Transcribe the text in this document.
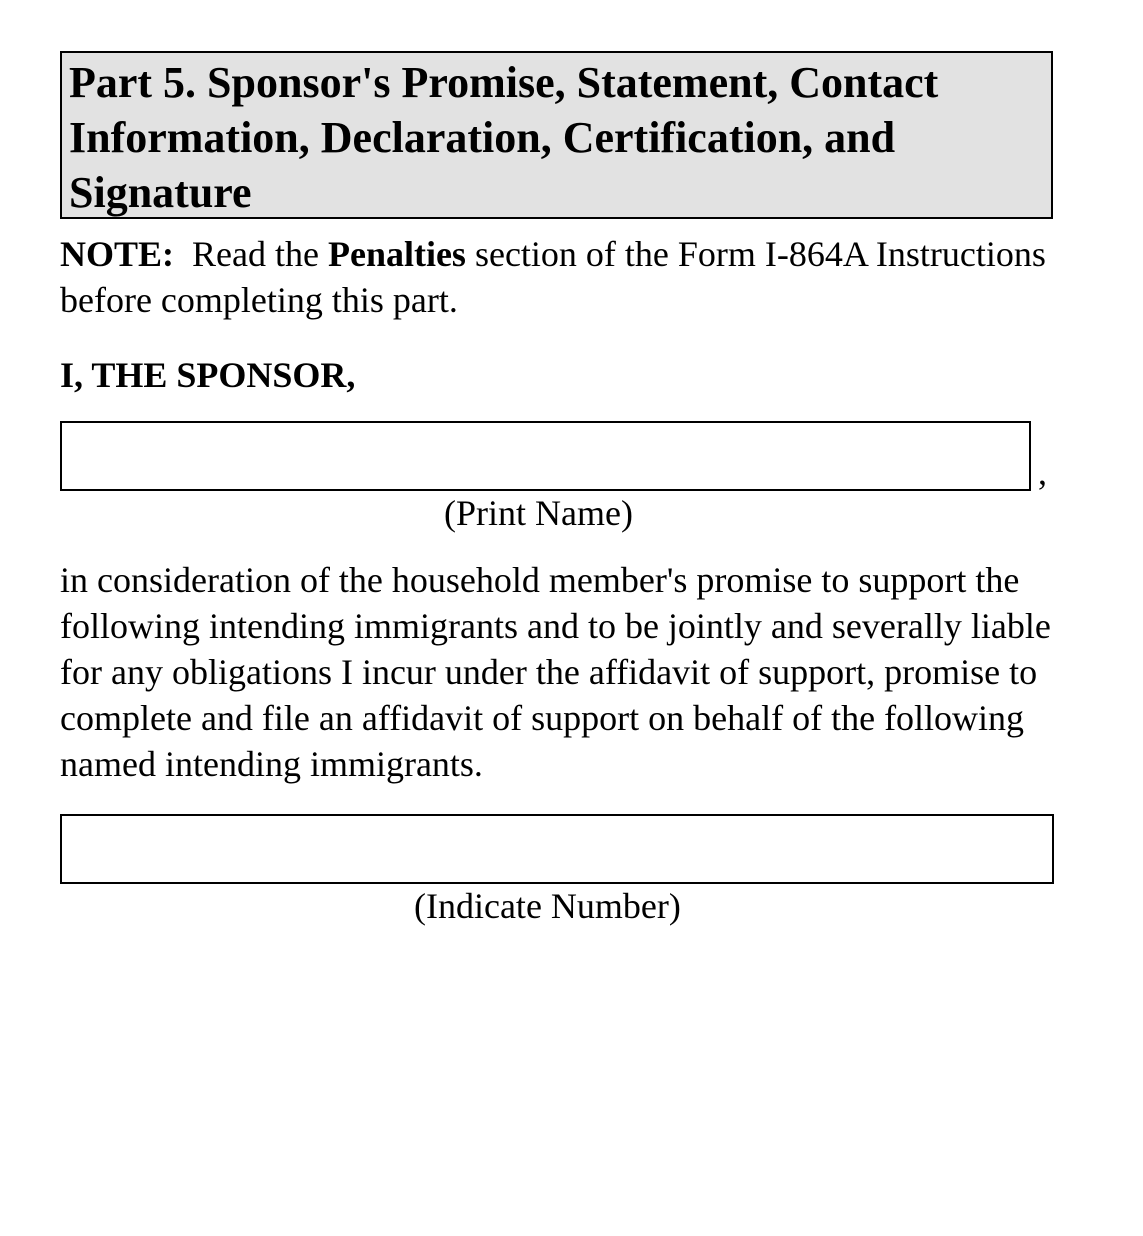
Part 5. Sponsor's Promise, Statement, Contact Information, Declaration, Certification, and Signature
NOTE:  Read the Penalties section of the Form I-864A Instructions before completing this part.
I, THE SPONSOR,
,
(Print Name)
in consideration of the household member's promise to support the following intending immigrants and to be jointly and severally liable for any obligations I incur under the affidavit of support, promise to complete and file an affidavit of support on behalf of the following named intending immigrants.
(Indicate Number)
